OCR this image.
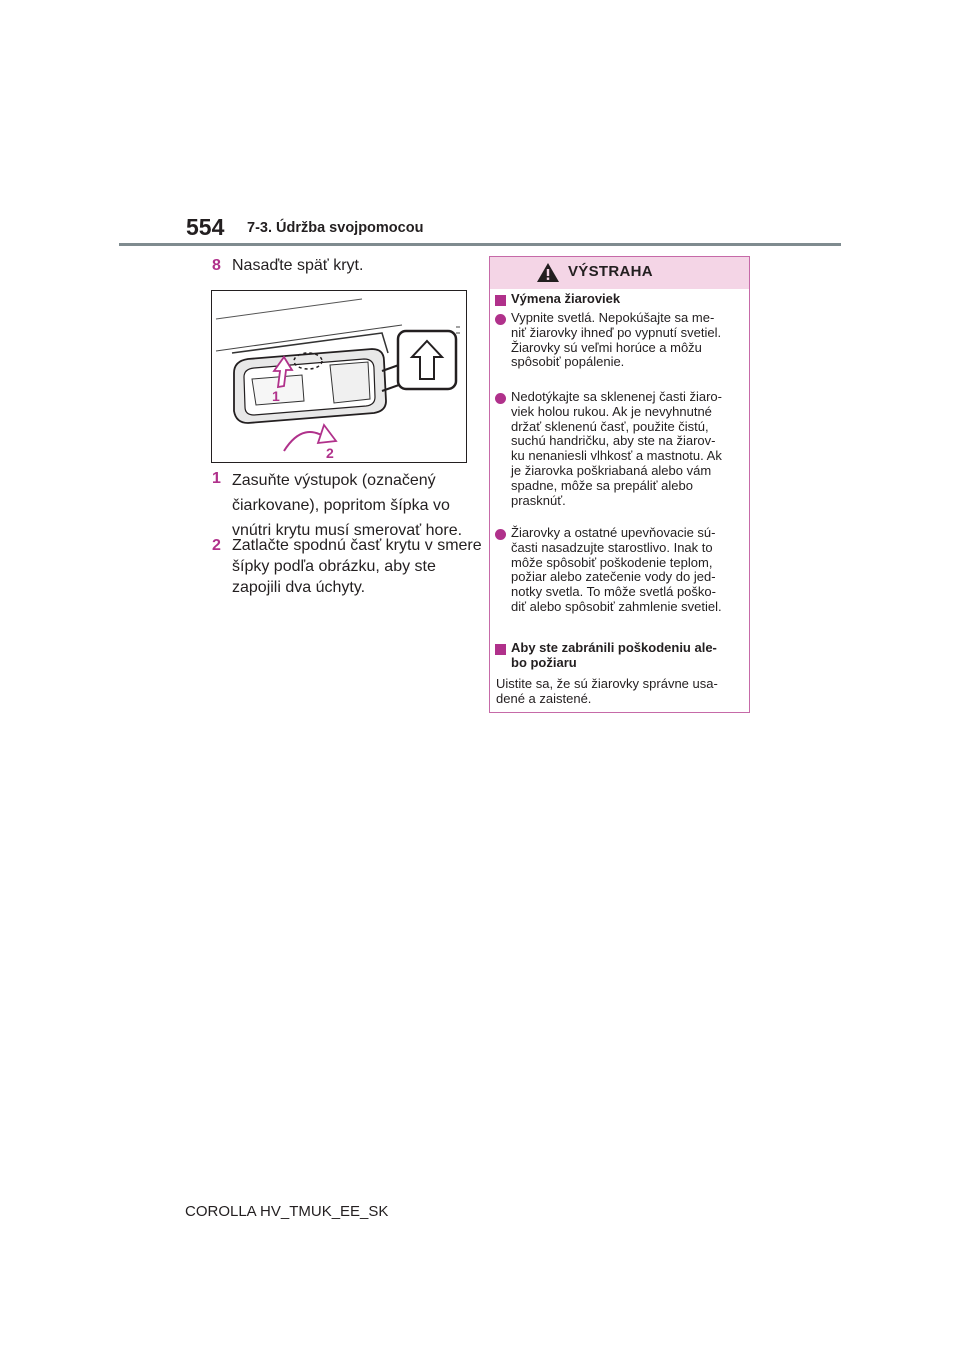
554 7-3. Údržba svojpomocou
8 Nasaďte späť kryt.
1
2
1 Zasuňte výstupok (označený čiarkovane), popritom šípka vo vnútri krytu musí smerovať hore.
2 Zatlačte spodnú časť krytu v smere šípky podľa obrázku, aby ste zapojili dva úchyty.
VÝSTRAHA
Výmena žiaroviek
Vypnite svetlá. Nepokúšajte sa me-
niť žiarovky ihneď po vypnutí svetiel.
Žiarovky sú veľmi horúce a môžu
spôsobiť popálenie.
Nedotýkajte sa sklenenej časti žiaro-
viek holou rukou. Ak je nevyhnutné
držať sklenenú časť, použite čistú,
suchú handričku, aby ste na žiarov-
ku nenaniesli vlhkosť a mastnotu. Ak
je žiarovka poškriabaná alebo vám
spadne, môže sa prepáliť alebo
prasknúť.
Žiarovky a ostatné upevňovacie sú-
časti nasadzujte starostlivo. Inak to
môže spôsobiť poškodenie teplom,
požiar alebo zatečenie vody do jed-
notky svetla. To môže svetlá poško-
diť alebo spôsobiť zahmlenie svetiel.
Aby ste zabránili poškodeniu ale-
bo požiaru
Uistite sa, že sú žiarovky správne usa-
dené a zaistené.
COROLLA HV_TMUK_EE_SK
